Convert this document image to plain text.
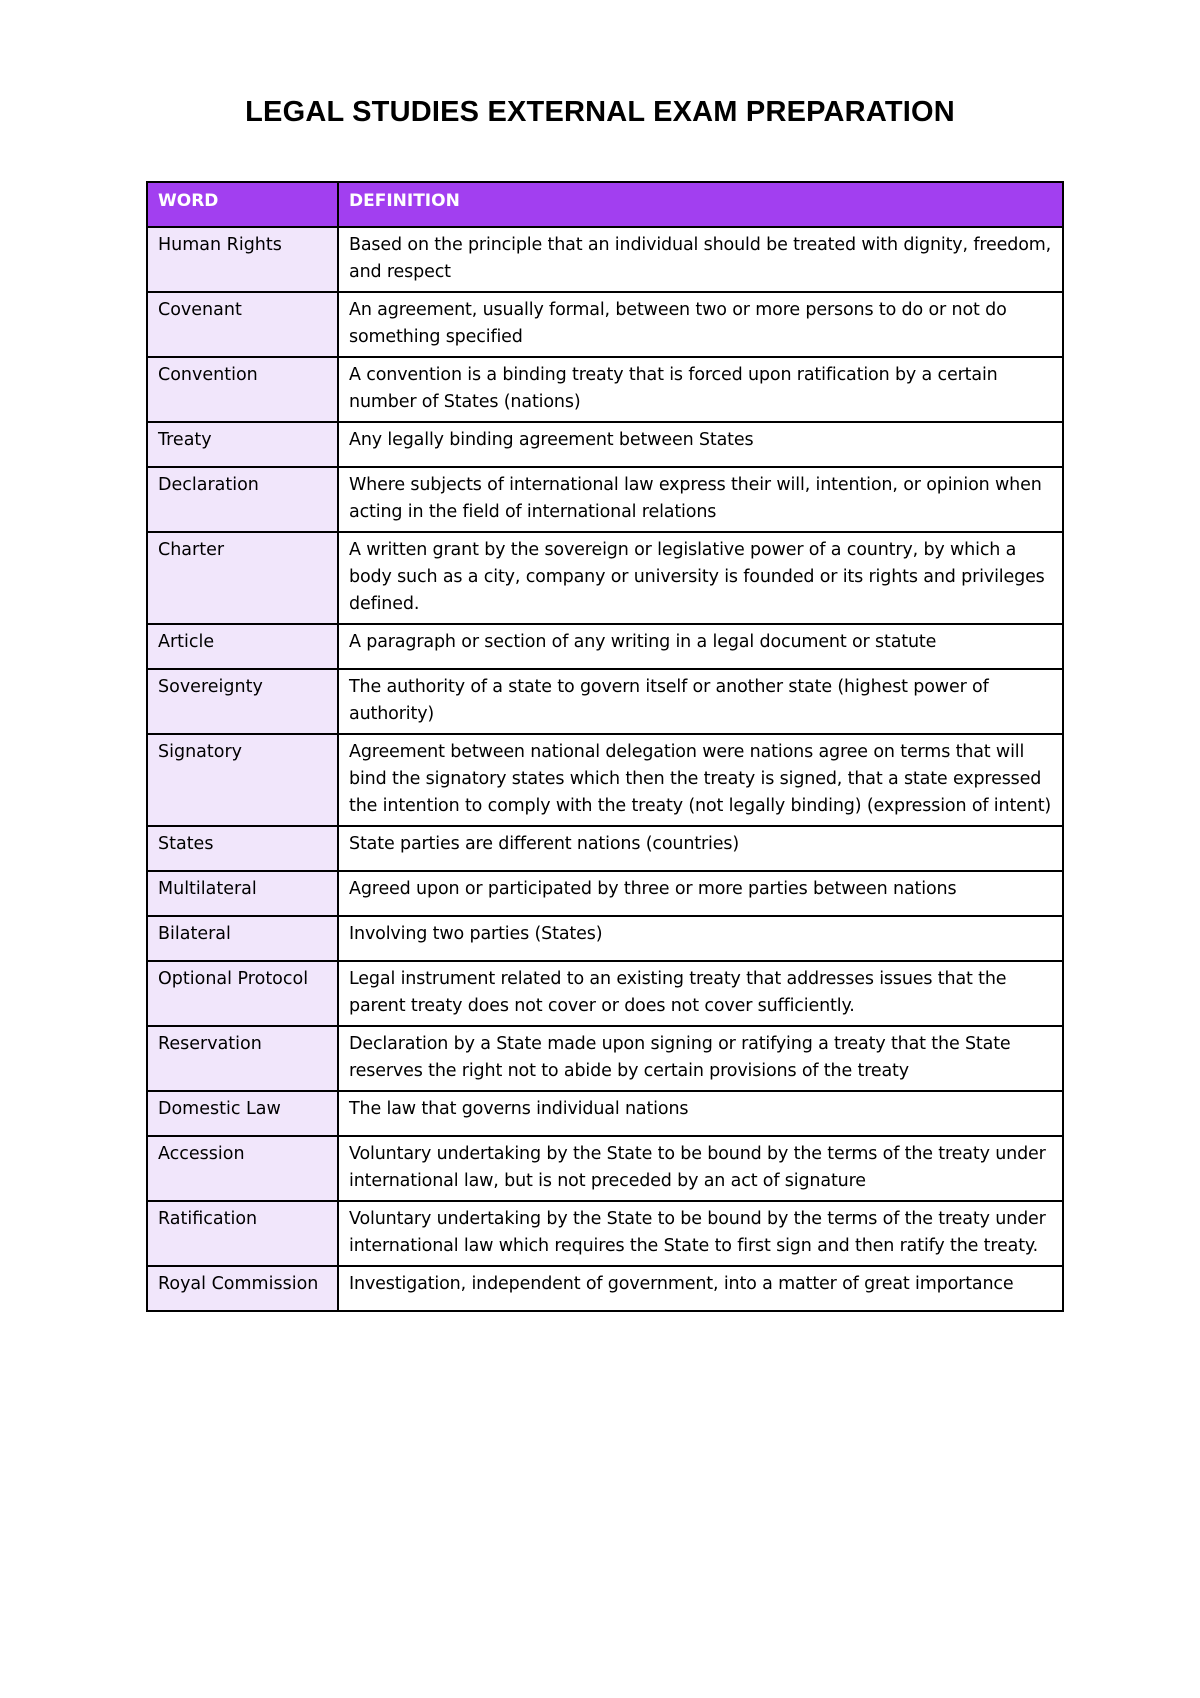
LEGAL STUDIES EXTERNAL EXAM PREPARATION
WORD	DEFINITION
Human Rights	Based on the principle that an individual should be treated with dignity, freedom, and respect
Covenant	An agreement, usually formal, between two or more persons to do or not do something specified
Convention	A convention is a binding treaty that is forced upon ratification by a certain number of States (nations)
Treaty	Any legally binding agreement between States
Declaration	Where subjects of international law express their will, intention, or opinion when acting in the field of international relations
Charter	A written grant by the sovereign or legislative power of a country, by which a body such as a city, company or university is founded or its rights and privileges defined.
Article	A paragraph or section of any writing in a legal document or statute
Sovereignty	The authority of a state to govern itself or another state (highest power of authority)
Signatory	Agreement between national delegation were nations agree on terms that will bind the signatory states which then the treaty is signed, that a state expressed the intention to comply with the treaty (not legally binding) (expression of intent)
States	State parties are different nations (countries)
Multilateral	Agreed upon or participated by three or more parties between nations
Bilateral	Involving two parties (States)
Optional Protocol	Legal instrument related to an existing treaty that addresses issues that the parent treaty does not cover or does not cover sufficiently.
Reservation	Declaration by a State made upon signing or ratifying a treaty that the State reserves the right not to abide by certain provisions of the treaty
Domestic Law	The law that governs individual nations
Accession	Voluntary undertaking by the State to be bound by the terms of the treaty under international law, but is not preceded by an act of signature
Ratification	Voluntary undertaking by the State to be bound by the terms of the treaty under international law which requires the State to first sign and then ratify the treaty.
Royal Commission	Investigation, independent of government, into a matter of great importance
